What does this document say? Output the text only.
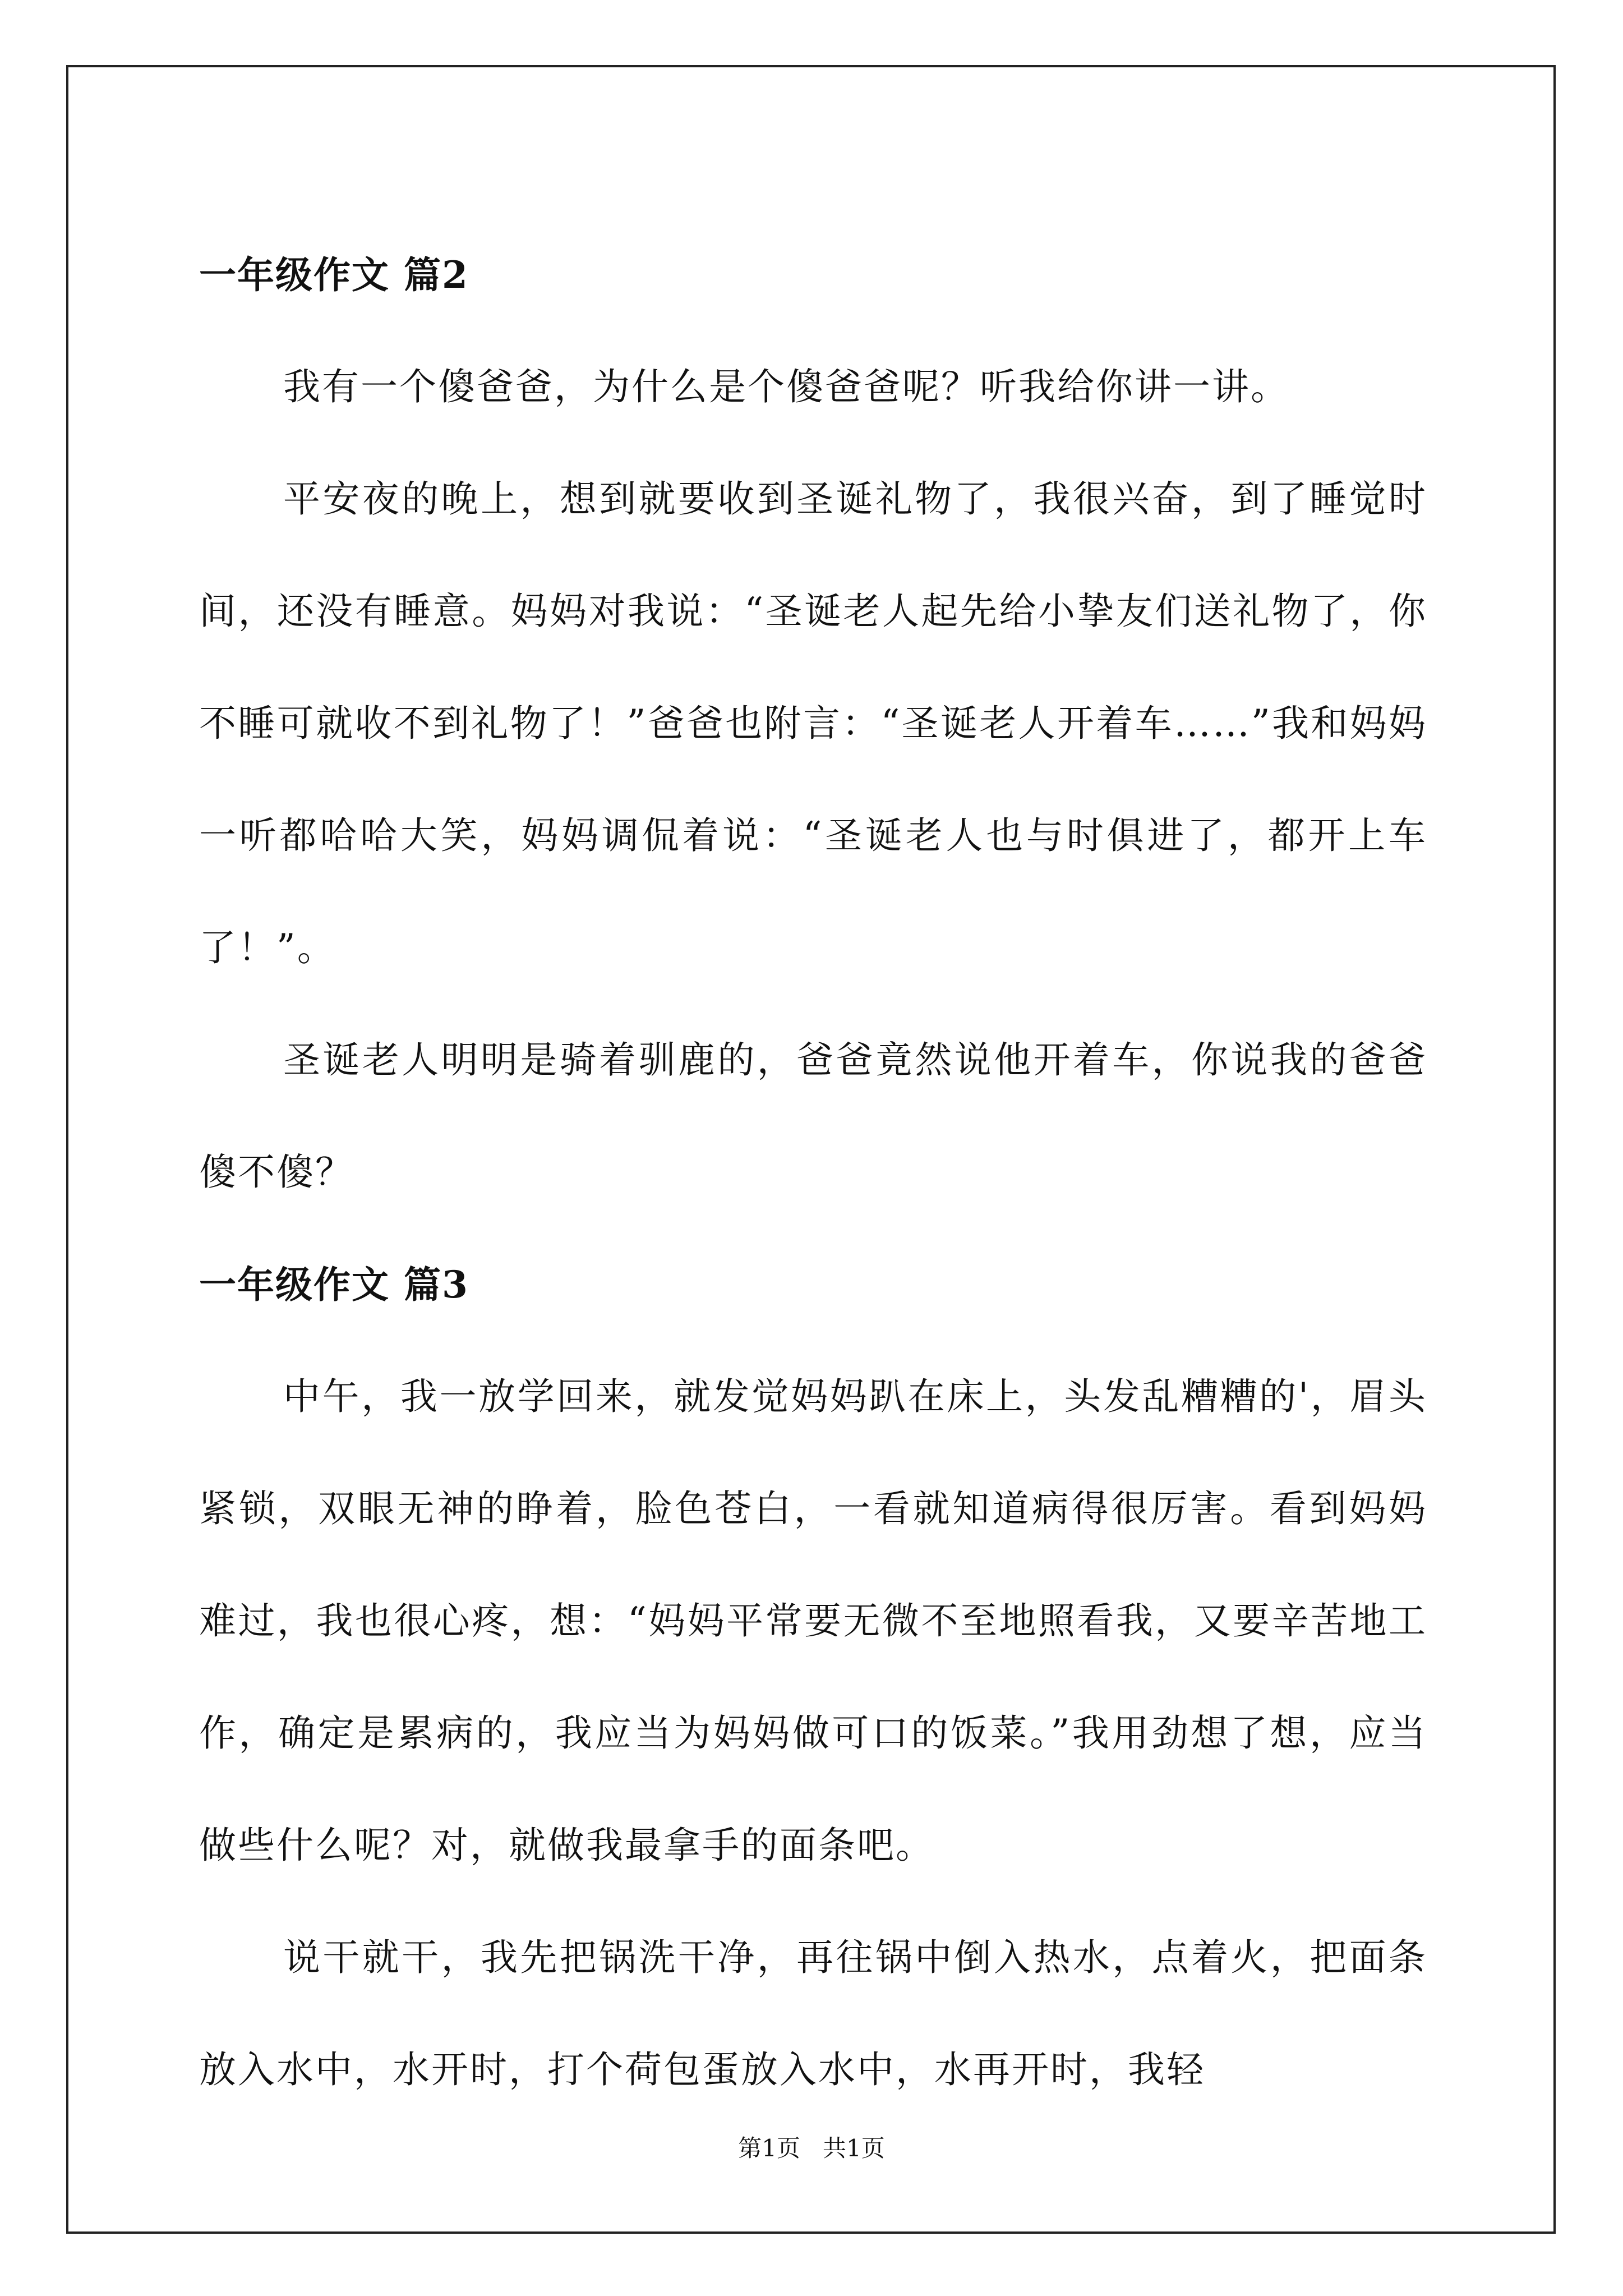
一年级作文 篇2

我有一个傻爸爸，为什么是个傻爸爸呢？听我给你讲一讲。

平安夜的晚上，想到就要收到圣诞礼物了，我很兴奋，到了睡觉时间，还没有睡意。妈妈对我说：“圣诞老人起先给小挚友们送礼物了，你不睡可就收不到礼物了！”爸爸也附言：“圣诞老人开着车……”我和妈妈一听都哈哈大笑，妈妈调侃着说：“圣诞老人也与时俱进了，都开上车了！”。

圣诞老人明明是骑着驯鹿的，爸爸竟然说他开着车，你说我的爸爸傻不傻？

一年级作文 篇3

中午，我一放学回来，就发觉妈妈趴在床上，头发乱糟糟的'，眉头紧锁，双眼无神的睁着，脸色苍白，一看就知道病得很厉害。看到妈妈难过，我也很心疼，想：“妈妈平常要无微不至地照看我，又要辛苦地工作，确定是累病的，我应当为妈妈做可口的饭菜。”我用劲想了想，应当做些什么呢？对，就做我最拿手的面条吧。

说干就干，我先把锅洗干净，再往锅中倒入热水，点着火，把面条放入水中，水开时，打个荷包蛋放入水中，水再开时，我轻

第1页 共1页
